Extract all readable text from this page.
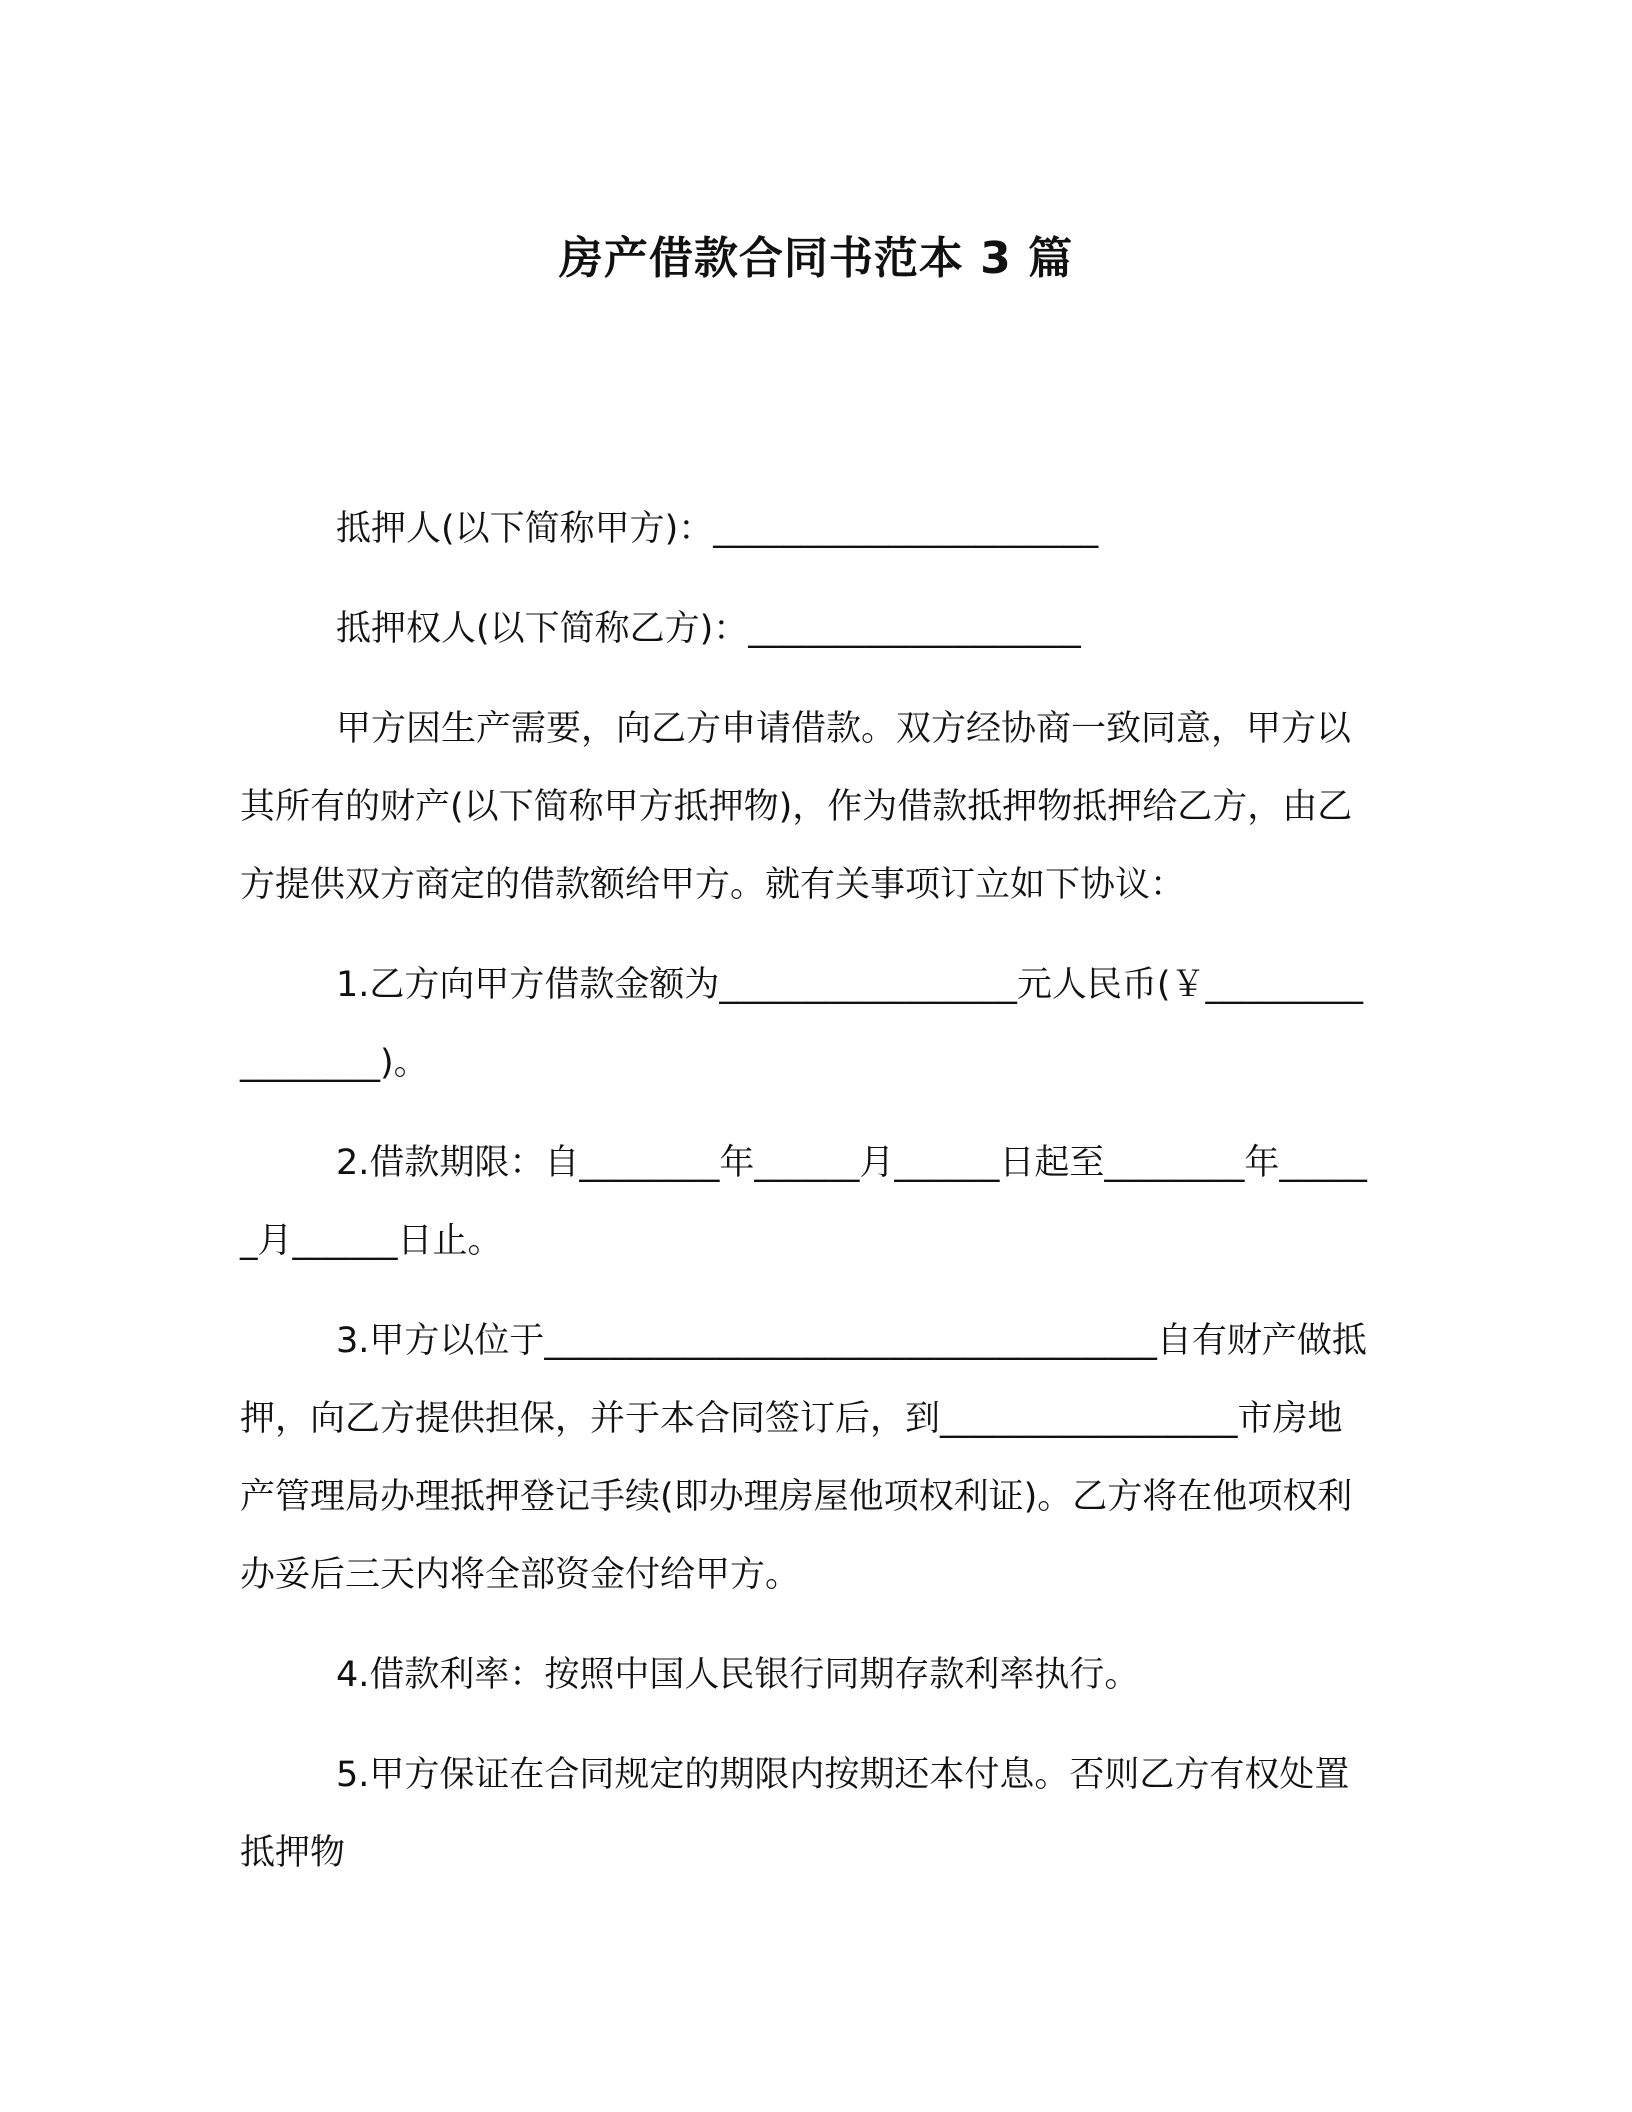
房产借款合同书范本 3 篇

抵押人(以下简称甲方)：______________________

抵押权人(以下简称乙方)：___________________

甲方因生产需要，向乙方申请借款。双方经协商一致同意，甲方以其所有的财产(以下简称甲方抵押物)，作为借款抵押物抵押给乙方，由乙方提供双方商定的借款额给甲方。就有关事项订立如下协议：

1.乙方向甲方借款金额为_________________元人民币(￥_________________)。

2.借款期限：自________年______月______日起至________年______月______日止。

3.甲方以位于___________________________________自有财产做抵押，向乙方提供担保，并于本合同签订后，到_________________市房地产管理局办理抵押登记手续(即办理房屋他项权利证)。乙方将在他项权利办妥后三天内将全部资金付给甲方。

4.借款利率：按照中国人民银行同期存款利率执行。

5.甲方保证在合同规定的期限内按期还本付息。否则乙方有权处置抵押物
